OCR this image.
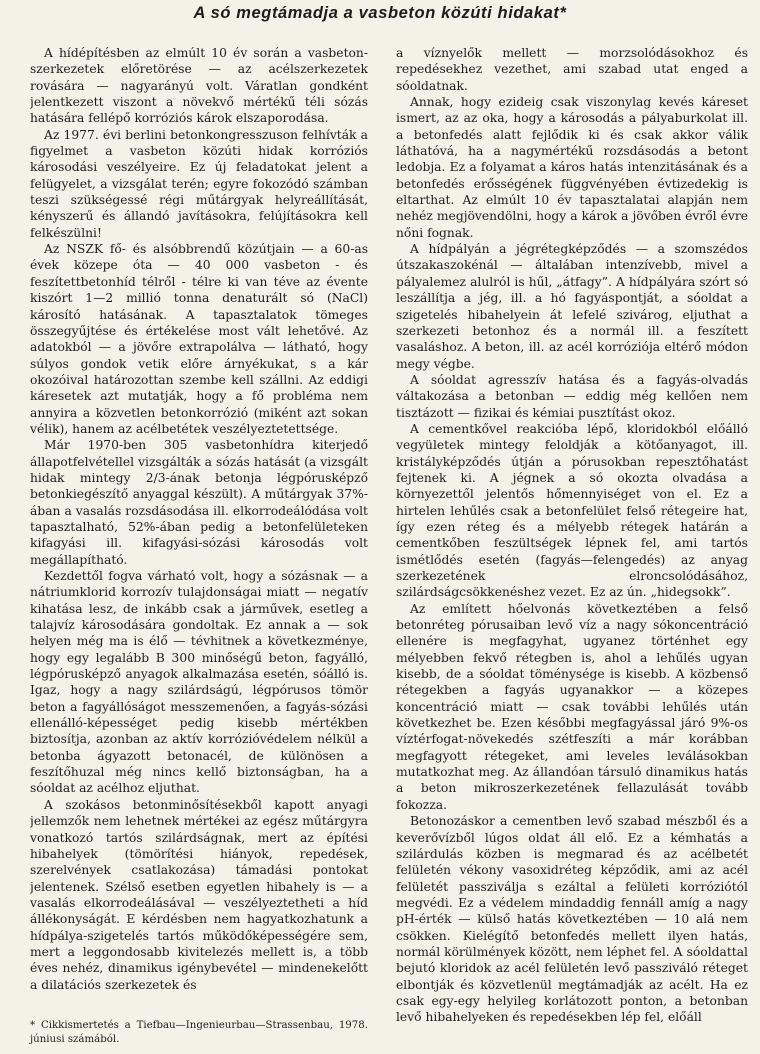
A só megtámadja a vasbeton közúti hidakat*

A hídépítésben az elmúlt 10 év során a vasbeton-szerkezetek előretörése — az acélszerkezetek rovására — nagyarányú volt. Váratlan gondként jelentkezett viszont a növekvő mértékű téli sózás hatására fellépő korróziós károk elszaporodása.

Az 1977. évi berlini betonkongresszuson felhívták a figyelmet a vasbeton közúti hidak korróziós károsodási veszélyeire. Ez új feladatokat jelent a felügyelet, a vizsgálat terén; egyre fokozódó számban teszi szükségessé régi műtárgyak helyreállítását, kényszerű és állandó javításokra, felújításokra kell felkészülni!

Az NSZK fő- és alsóbbrendű közútjain — a 60-as évek közepe óta — 40 000 vasbeton - és feszítettbetonhíd télről - télre ki van téve az évente kiszórt 1—2 millió tonna denaturált só (NaCl) károsító hatásának. A tapasztalatok tömeges összegyűjtése és értékelése most vált lehetővé. Az adatokból — a jövőre extrapolálva — látható, hogy súlyos gondok vetik előre árnyékukat, s a kár okozóival határozottan szembe kell szállni. Az eddigi káresetek azt mutatják, hogy a fő probléma nem annyira a közvetlen betonkorrózió (miként azt sokan vélik), hanem az acélbetétek veszélyeztetettsége.

Már 1970-ben 305 vasbetonhídra kiterjedő állapotfelvétellel vizsgálták a sózás hatását (a vizsgált hidak mintegy 2/3-ának betonja légpórusképző betonkiegészítő anyaggal készült). A műtárgyak 37%-ában a vasalás rozsdásodása ill. elkorrodeálódása volt tapasztalható, 52%-ában pedig a betonfelületeken kifagyási ill. kifagyási-sózási károsodás volt megállapítható.

Kezdettől fogva várható volt, hogy a sózásnak — a nátriumklorid korrozív tulajdonságai miatt — negatív kihatása lesz, de inkább csak a járművek, esetleg a talajvíz károsodására gondoltak. Ez annak a — sok helyen még ma is élő — tévhitnek a következménye, hogy egy legalább B 300 minőségű beton, fagyálló, légpórusképző anyagok alkalmazása esetén, sóálló is. Igaz, hogy a nagy szilárdságú, légpórusos tömör beton a fagyállóságot messzemenően, a fagyás-sózási ellenálló-képességet pedig kisebb mértékben biztosítja, azonban az aktív korrózióvédelem nélkül a betonba ágyazott betonacél, de különösen a feszítőhuzal még nincs kellő biztonságban, ha a sóoldat az acélhoz eljuthat.

A szokásos betonminősítésekből kapott anyagi jellemzők nem lehetnek mértékei az egész műtárgyra vonatkozó tartós szilárdságnak, mert az építési hibahelyek (tömörítési hiányok, repedések, szerelvények csatlakozása) támadási pontokat jelentenek. Szélső esetben egyetlen hibahely is — a vasalás elkorrodeálásával — veszélyeztetheti a híd állékonyságát. E kérdésben nem hagyatkozhatunk a hídpálya-szigetelés tartós működőképességére sem, mert a leggondosabb kivitelezés mellett is, a több éves nehéz, dinamikus igénybevétel — mindenekelőtt a dilatációs szerkezetek és

a víznyelők mellett — morzsolódásokhoz és repedésekhez vezethet, ami szabad utat enged a sóoldatnak.

Annak, hogy ezideig csak viszonylag kevés káreset ismert, az az oka, hogy a károsodás a pályaburkolat ill. a betonfedés alatt fejlődik ki és csak akkor válik láthatóvá, ha a nagymértékű rozsdásodás a betont ledobja. Ez a folyamat a káros hatás intenzitásának és a betonfedés erősségének függvényében évtizedekig is eltarthat. Az elmúlt 10 év tapasztalatai alapján nem nehéz megjövendölni, hogy a károk a jövőben évről évre nőni fognak.

A hídpályán a jégrétegképződés — a szomszédos útszakaszokénál — általában intenzívebb, mivel a pályalemez alulról is hűl, „átfagy”. A hídpályára szórt só leszállítja a jég, ill. a hó fagyáspontját, a sóoldat a szigetelés hibahelyein át lefelé szivárog, eljuthat a szerkezeti betonhoz és a normál ill. a feszített vasaláshoz. A beton, ill. az acél korróziója eltérő módon megy végbe.

A sóoldat agresszív hatása és a fagyás-olvadás váltakozása a betonban — eddig még kellően nem tisztázott — fizikai és kémiai pusztítást okoz.

A cementkővel reakcióba lépő, kloridokból előálló vegyületek mintegy feloldják a kötőanyagot, ill. kristályképződés útján a pórusokban repesztőhatást fejtenek ki. A jégnek a só okozta olvadása a környezettől jelentős hőmennyiséget von el. Ez a hirtelen lehűlés csak a betonfelület felső rétegeire hat, így ezen réteg és a mélyebb rétegek határán a cementkőben feszültségek lépnek fel, ami tartós ismétlődés esetén (fagyás—felengedés) az anyag szerkezetének elroncsolódásához, szilárdságcsökkenéshez vezet. Ez az ún. „hidegsokk”.

Az említett hőelvonás következtében a felső betonréteg pórusaiban levő víz a nagy sókoncentráció ellenére is megfagyhat, ugyanez történhet egy mélyebben fekvő rétegben is, ahol a lehűlés ugyan kisebb, de a sóoldat töménysége is kisebb. A közbenső rétegekben a fagyás ugyanakkor — a közepes koncentráció miatt — csak további lehűlés után következhet be. Ezen későbbi megfagyással járó 9%-os víztérfogat-növekedés szétfeszíti a már korábban megfagyott rétegeket, ami leveles leválásokban mutatkozhat meg. Az állandóan társuló dinamikus hatás a beton mikroszerkezetének fellazulását tovább fokozza.

Betonozáskor a cementben levő szabad mészből és a keverővízből lúgos oldat áll elő. Ez a kémhatás a szilárdulás közben is megmarad és az acélbetét felületén vékony vasoxidréteg képződik, ami az acél felületét passziválja s ezáltal a felületi korróziótól megvédi. Ez a védelem mindaddig fennáll amíg a nagy pH-érték — külső hatás következtében — 10 alá nem csökken. Kielégítő betonfedés mellett ilyen hatás, normál körülmények között, nem léphet fel. A sóoldattal bejutó kloridok az acél felületén levő passziváló réteget elbontják és közvetlenül megtámadják az acélt. Ha ez csak egy-egy helyileg korlátozott ponton, a betonban levő hibahelyeken és repedésekben lép fel, előáll

* Cikkismertetés a Tiefbau—Ingenieurbau—Strassenbau, 1978. júniusi számából.
